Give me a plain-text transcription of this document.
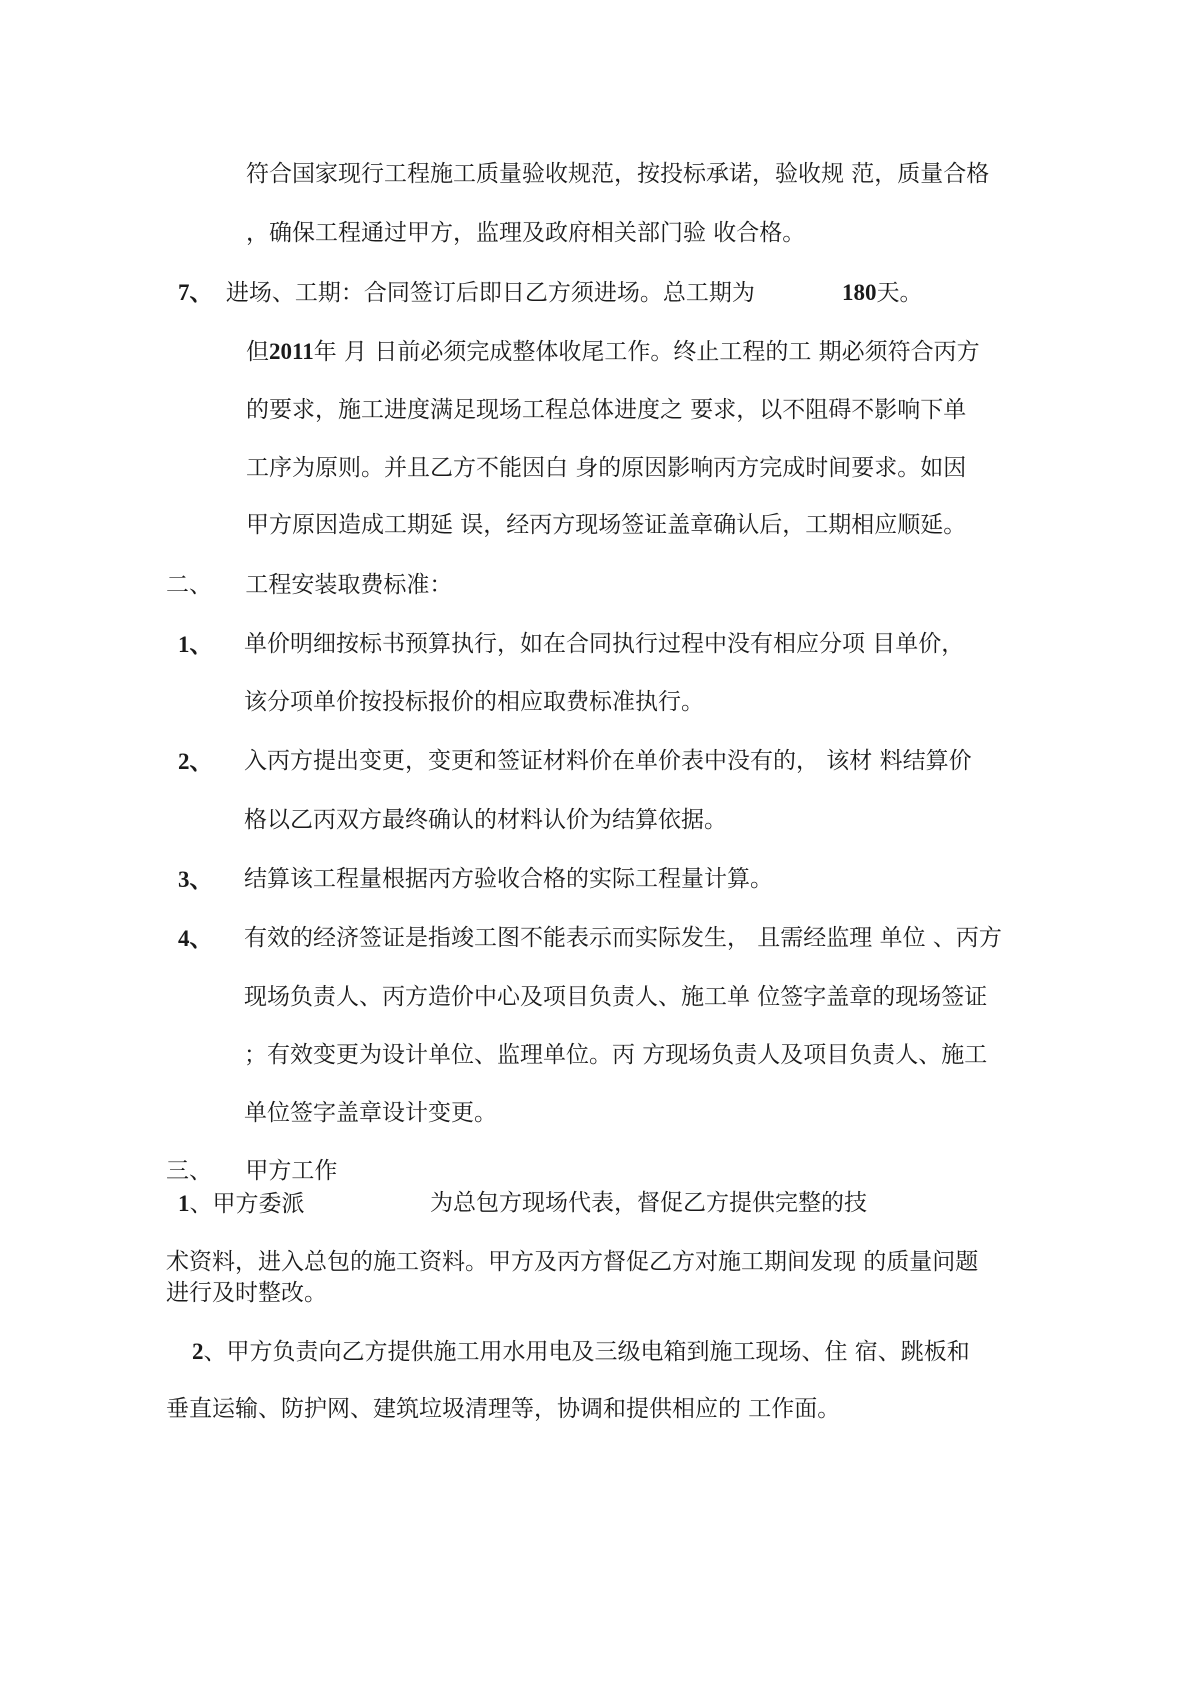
符合国家现行工程施工质量验收规范，按投标承诺，验收规 范，质量合格
，确保工程通过甲方，监理及政府相关部门验 收合格。
7、 进场、工期：合同签订后即日乙方须进场。总工期为	180天。
但2011年 月 日前必须完成整体收尾工作。终止工程的工 期必须符合丙方
的要求，施工进度满足现场工程总体进度之 要求，以不阻碍不影响下单
工序为原则。并且乙方不能因白 身的原因影响丙方完成时间要求。如因
甲方原因造成工期延 误，经丙方现场签证盖章确认后，工期相应顺延。
二、 工程安装取费标准：
1、 单价明细按标书预算执行，如在合同执行过程中没有相应分项 目单价，
该分项单价按投标报价的相应取费标准执行。
2、 入丙方提出变更，变更和签证材料价在单价表中没有的， 该材 料结算价
格以乙丙双方最终确认的材料认价为结算依据。
3、 结算该工程量根据丙方验收合格的实际工程量计算。
4、 有效的经济签证是指竣工图不能表示而实际发生， 且需经监理 单位 、丙方
现场负责人、丙方造价中心及项目负责人、施工单 位签字盖章的现场签证
；有效变更为设计单位、监理单位。丙 方现场负责人及项目负责人、施工
单位签字盖章设计变更。
三、 甲方工作
1、甲方委派	为总包方现场代表，督促乙方提供完整的技
术资料，进入总包的施工资料。甲方及丙方督促乙方对施工期间发现 的质量问题
进行及时整改。
2、甲方负责向乙方提供施工用水用电及三级电箱到施工现场、住 宿、跳板和
垂直运输、防护网、建筑垃圾清理等，协调和提供相应的 工作面。
